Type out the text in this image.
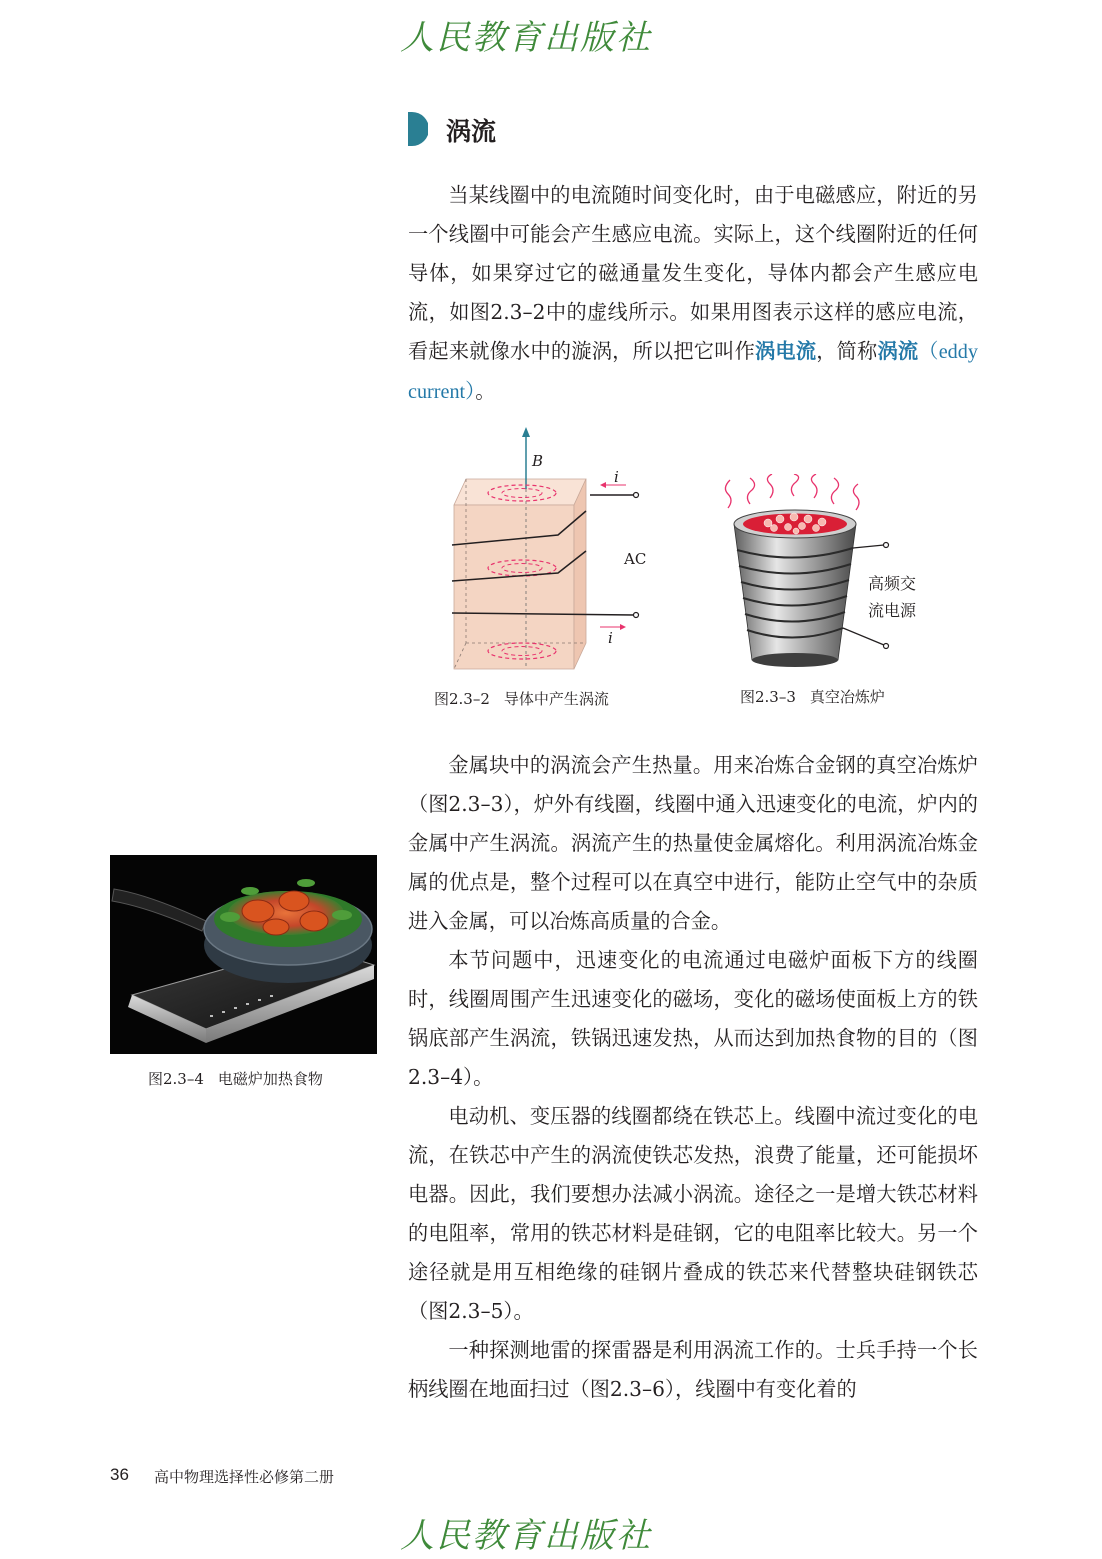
人民教育出版社
涡流

当某线圈中的电流随时间变化时，由于电磁感应，附近的另一个线圈中可能会产生感应电流。实际上，这个线圈附近的任何导体，如果穿过它的磁通量发生变化，导体内都会产生感应电流，如图2.3–2中的虚线所示。如果用图表示这样的感应电流，看起来就像水中的漩涡，所以把它叫作涡电流，简称涡流（eddy current）。

B
i
AC
i
图2.3–2 导体中产生涡流
高频交
流电源
图2.3–3 真空冶炼炉
图2.3–4 电磁炉加热食物

金属块中的涡流会产生热量。用来冶炼合金钢的真空冶炼炉（图2.3–3），炉外有线圈，线圈中通入迅速变化的电流，炉内的金属中产生涡流。涡流产生的热量使金属熔化。利用涡流冶炼金属的优点是，整个过程可以在真空中进行，能防止空气中的杂质进入金属，可以冶炼高质量的合金。

本节问题中，迅速变化的电流通过电磁炉面板下方的线圈时，线圈周围产生迅速变化的磁场，变化的磁场使面板上方的铁锅底部产生涡流，铁锅迅速发热，从而达到加热食物的目的（图2.3–4）。

电动机、变压器的线圈都绕在铁芯上。线圈中流过变化的电流，在铁芯中产生的涡流使铁芯发热，浪费了能量，还可能损坏电器。因此，我们要想办法减小涡流。途径之一是增大铁芯材料的电阻率，常用的铁芯材料是硅钢，它的电阻率比较大。另一个途径就是用互相绝缘的硅钢片叠成的铁芯来代替整块硅钢铁芯（图2.3–5）。

一种探测地雷的探雷器是利用涡流工作的。士兵手持一个长柄线圈在地面扫过（图2.3–6），线圈中有变化着的

36 高中物理选择性必修第二册
人民教育出版社
